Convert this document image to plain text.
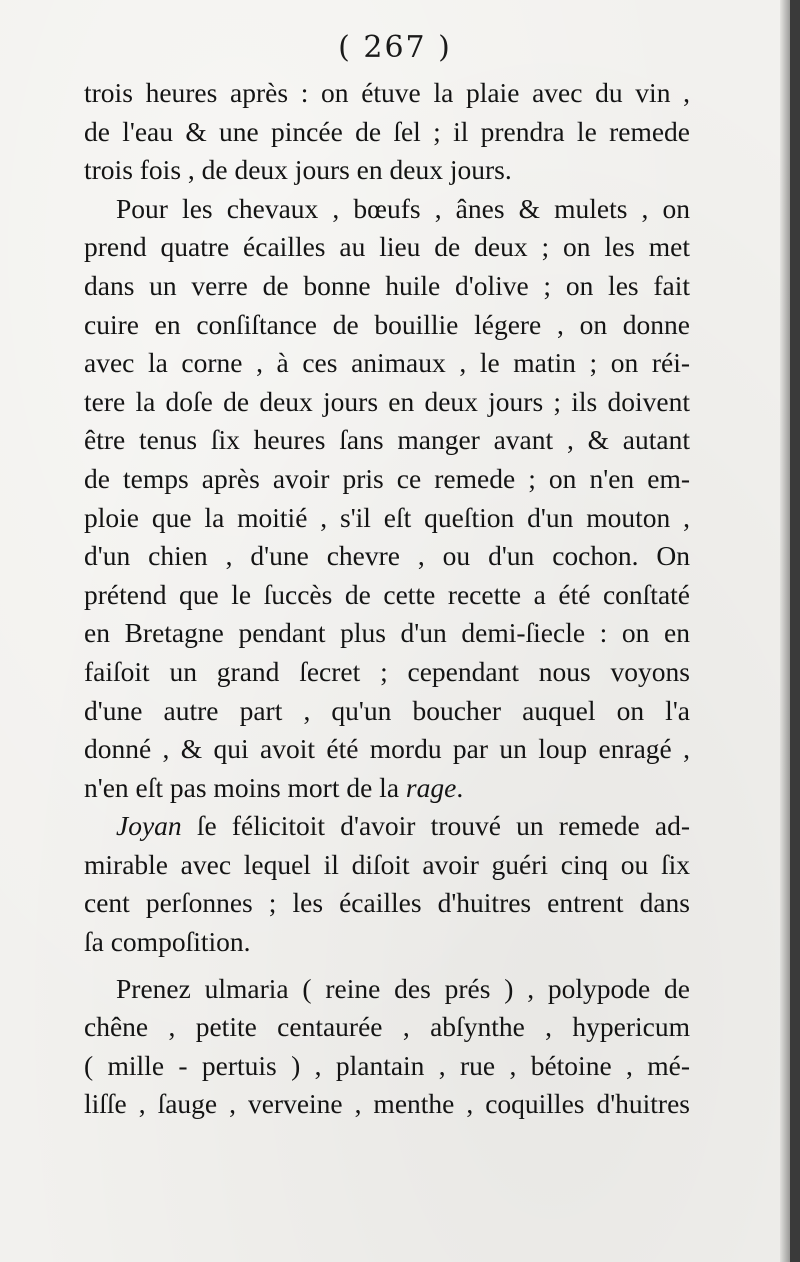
( 267 )
trois heures après : on étuve la plaie avec du vin ,
de l'eau & une pincée de ſel ; il prendra le remede
trois fois , de deux jours en deux jours.
Pour les chevaux , bœufs , ânes & mulets , on
prend quatre écailles au lieu de deux ; on les met
dans un verre de bonne huile d'olive ; on les fait
cuire en conſiſtance de bouillie légere , on donne
avec la corne , à ces animaux , le matin ; on réi-
tere la doſe de deux jours en deux jours ; ils doivent
être tenus ſix heures ſans manger avant , & autant
de temps après avoir pris ce remede ; on n'en em-
ploie que la moitié , s'il eſt queſtion d'un mouton ,
d'un chien , d'une chevre , ou d'un cochon. On
prétend que le ſuccès de cette recette a été conſtaté
en Bretagne pendant plus d'un demi-ſiecle : on en
faiſoit un grand ſecret ; cependant nous voyons
d'une autre part , qu'un boucher auquel on l'a
donné , & qui avoit été mordu par un loup enragé ,
n'en eſt pas moins mort de la rage.
Joyan ſe félicitoit d'avoir trouvé un remede ad-
mirable avec lequel il diſoit avoir guéri cinq ou ſix
cent perſonnes ; les écailles d'huitres entrent dans
ſa compoſition.
Prenez ulmaria ( reine des prés ) , polypode de
chêne , petite centaurée , abſynthe , hypericum
( mille - pertuis ) , plantain , rue , bétoine , mé-
liſſe , ſauge , verveine , menthe , coquilles d'huitres
